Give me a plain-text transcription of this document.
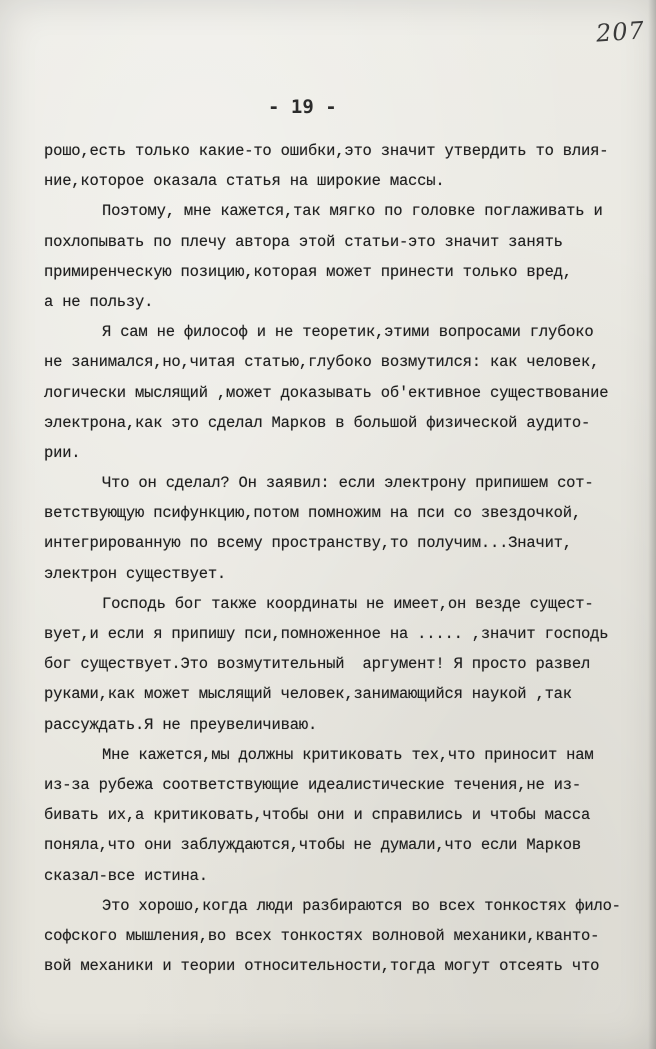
207
- 19 -
рошо,есть только какие-то ошибки,это значит утвердить то влия-
ние,которое оказала статья на широкие массы.
Поэтому, мне кажется,так мягко по головке поглаживать и
похлопывать по плечу автора этой статьи-это значит занять
примиренческую позицию,которая может принести только вред,
а не пользу.
Я сам не философ и не теоретик,этими вопросами глубоко
не занимался,но,читая статью,глубоко возмутился: как человек,
логически мыслящий ,может доказывать об'ективное существование
электрона,как это сделал Марков в большой физической аудито-
рии.
Что он сделал? Он заявил: если электрону припишем сот-
ветствующую псифункцию,потом помножим на пси со звездочкой,
интегрированную по всему пространству,то получим...Значит,
электрон существует.
Господь бог также координаты не имеет,он везде сущест-
вует,и если я припишу пси,помноженное на ..... ,значит господь
бог существует.Это возмутительный  аргумент! Я просто развел
руками,как может мыслящий человек,занимающийся наукой ,так
рассуждать.Я не преувеличиваю.
Мне кажется,мы должны критиковать тех,что приносит нам
из-за рубежа соответствующие идеалистические течения,не из-
бивать их,а критиковать,чтобы они и справились и чтобы масса
поняла,что они заблуждаются,чтобы не думали,что если Марков
сказал-все истина.
Это хорошо,когда люди разбираются во всех тонкостях фило-
софского мышления,во всех тонкостях волновой механики,кванто-
вой механики и теории относительности,тогда могут отсеять что
